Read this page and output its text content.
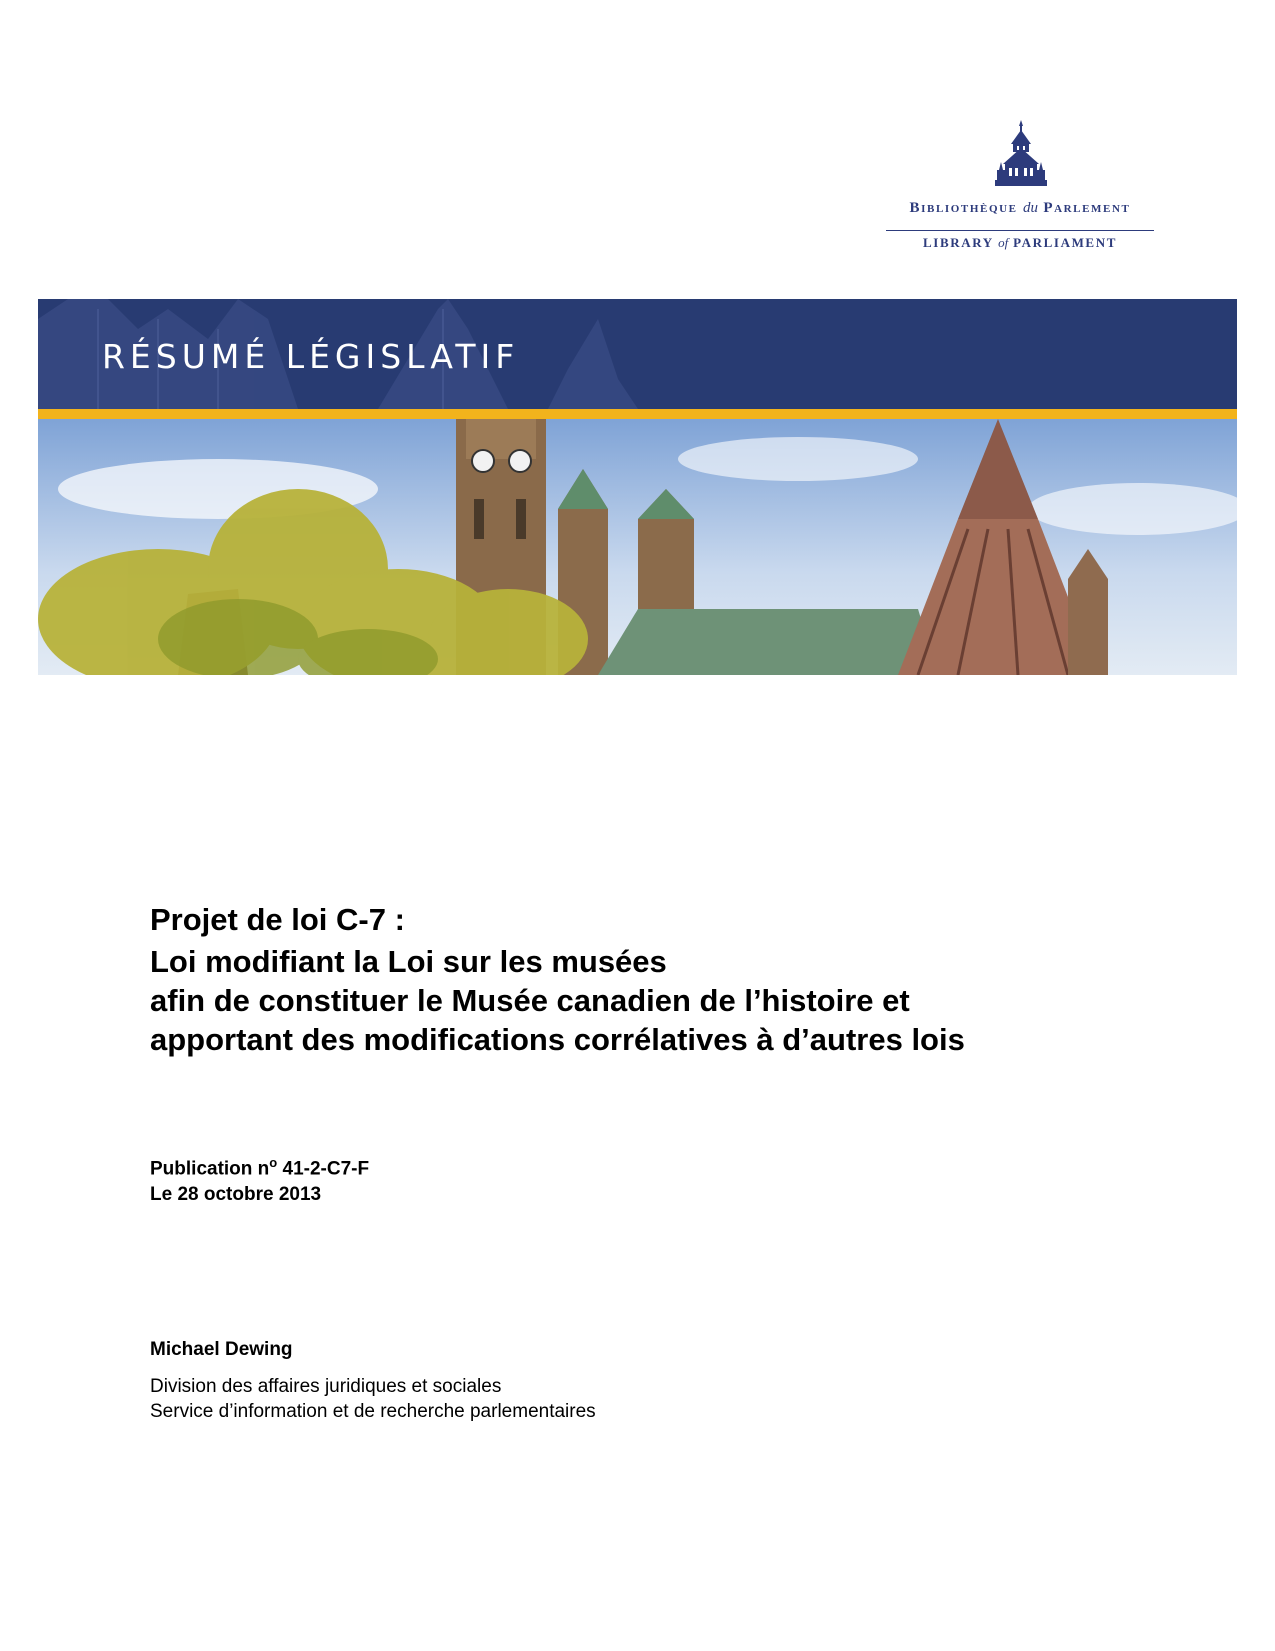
Bibliothèque du Parlement
LIBRARY of PARLIAMENT
RÉSUMÉ LÉGISLATIF
Projet de loi C-7 :
Loi modifiant la Loi sur les musées
afin de constituer le Musée canadien de l’histoire et
apportant des modifications corrélatives à d’autres lois
Publication $n^o$ 41-2-C7-F
Le 28 octobre 2013
Michael Dewing
Division des affaires juridiques et sociales
Service d’information et de recherche parlementaires
